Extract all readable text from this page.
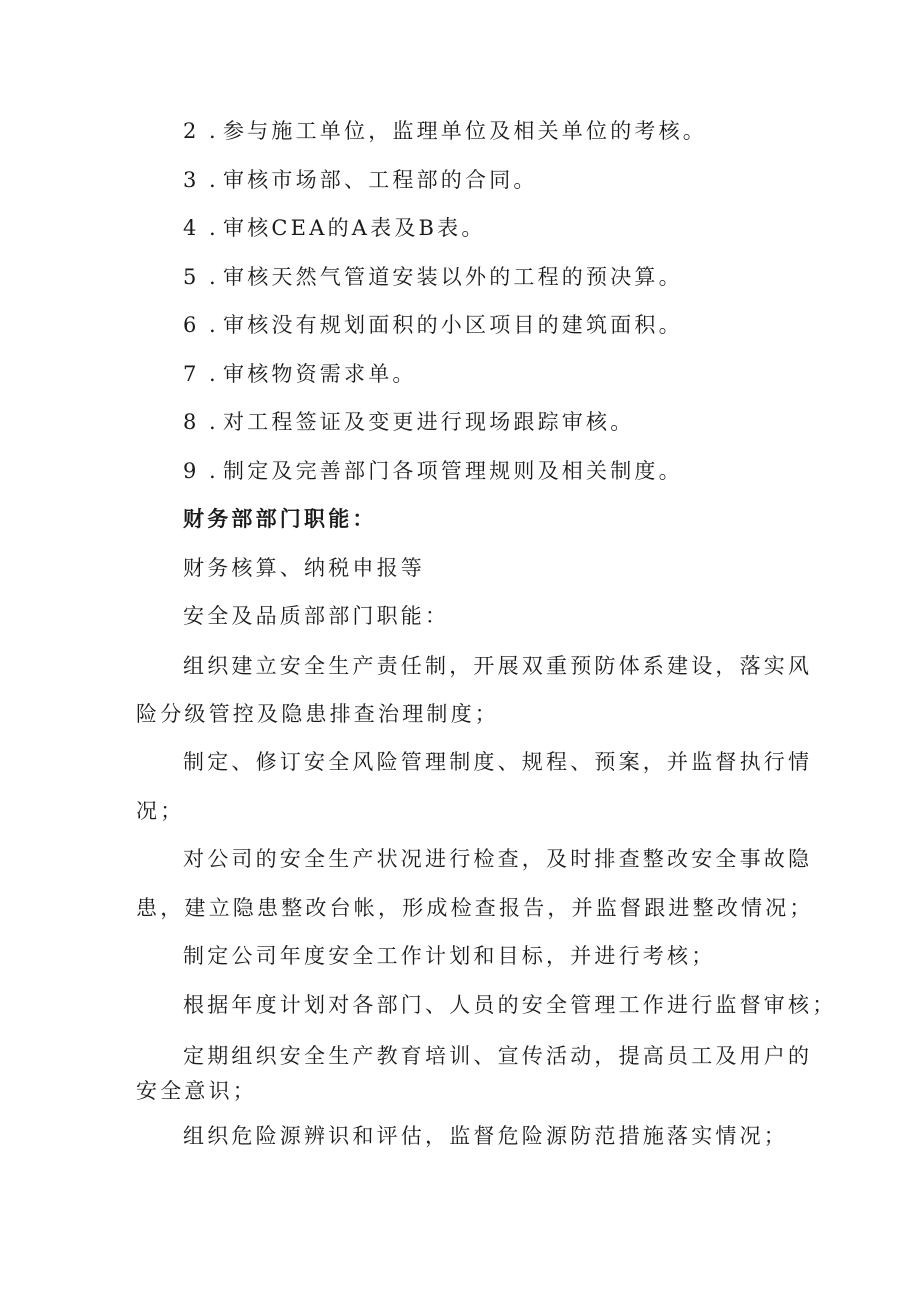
2 . 参与施工单位，监理单位及相关单位的考核。
3 . 审核市场部、工程部的合同。
4 . 审核CEA的A表及B表。
5 . 审核天然气管道安装以外的工程的预决算。
6 . 审核没有规划面积的小区项目的建筑面积。
7 . 审核物资需求单。
8 . 对工程签证及变更进行现场跟踪审核。
9 . 制定及完善部门各项管理规则及相关制度。
财务部部门职能：
财务核算、纳税申报等
安全及品质部部门职能：
组织建立安全生产责任制，开展双重预防体系建设，落实风
险分级管控及隐患排查治理制度；
制定、修订安全风险管理制度、规程、预案，并监督执行情
况；
对公司的安全生产状况进行检查，及时排查整改安全事故隐
患，建立隐患整改台帐，形成检查报告，并监督跟进整改情况；
制定公司年度安全工作计划和目标，并进行考核；
根据年度计划对各部门、人员的安全管理工作进行监督审核；
定期组织安全生产教育培训、宣传活动，提高员工及用户的
安全意识；
组织危险源辨识和评估，监督危险源防范措施落实情况；
